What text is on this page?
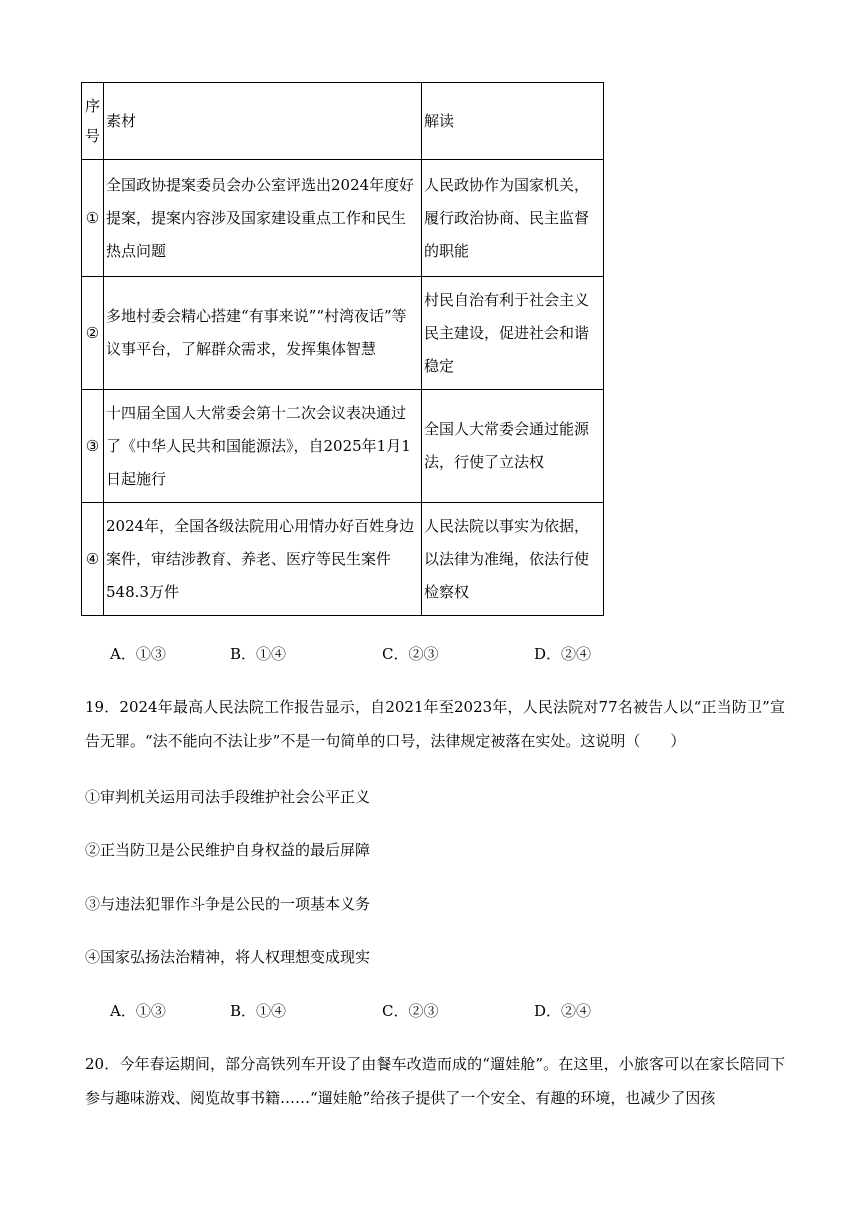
序
号	素材	解读
①	全国政协提案委员会办公室评选出2024年度好提案，提案内容涉及国家建设重点工作和民生热点问题	人民政协作为国家机关，履行政治协商、民主监督的职能
②	多地村委会精心搭建“有事来说”“村湾夜话”等议事平台，了解群众需求，发挥集体智慧	村民自治有利于社会主义民主建设，促进社会和谐稳定
③	十四届全国人大常委会第十二次会议表决通过了《中华人民共和国能源法》，自2025年1月1日起施行	全国人大常委会通过能源法，行使了立法权
④	2024年，全国各级法院用心用情办好百姓身边案件，审结涉教育、养老、医疗等民生案件548.3万件	人民法院以事实为依据，以法律为准绳，依法行使检察权
A．①③	B．①④	C．②③	D．②④
19．2024年最高人民法院工作报告显示，自2021年至2023年，人民法院对77名被告人以“正当防卫”宣告无罪。“法不能向不法让步”不是一句简单的口号，法律规定被落在实处。这说明（　　）
①审判机关运用司法手段维护社会公平正义
②正当防卫是公民维护自身权益的最后屏障
③与违法犯罪作斗争是公民的一项基本义务
④国家弘扬法治精神，将人权理想变成现实
A．①③	B．①④	C．②③	D．②④
20．今年春运期间，部分高铁列车开设了由餐车改造而成的“遛娃舱”。在这里，小旅客可以在家长陪同下参与趣味游戏、阅览故事书籍……“遛娃舱”给孩子提供了一个安全、有趣的环境，也减少了因孩
